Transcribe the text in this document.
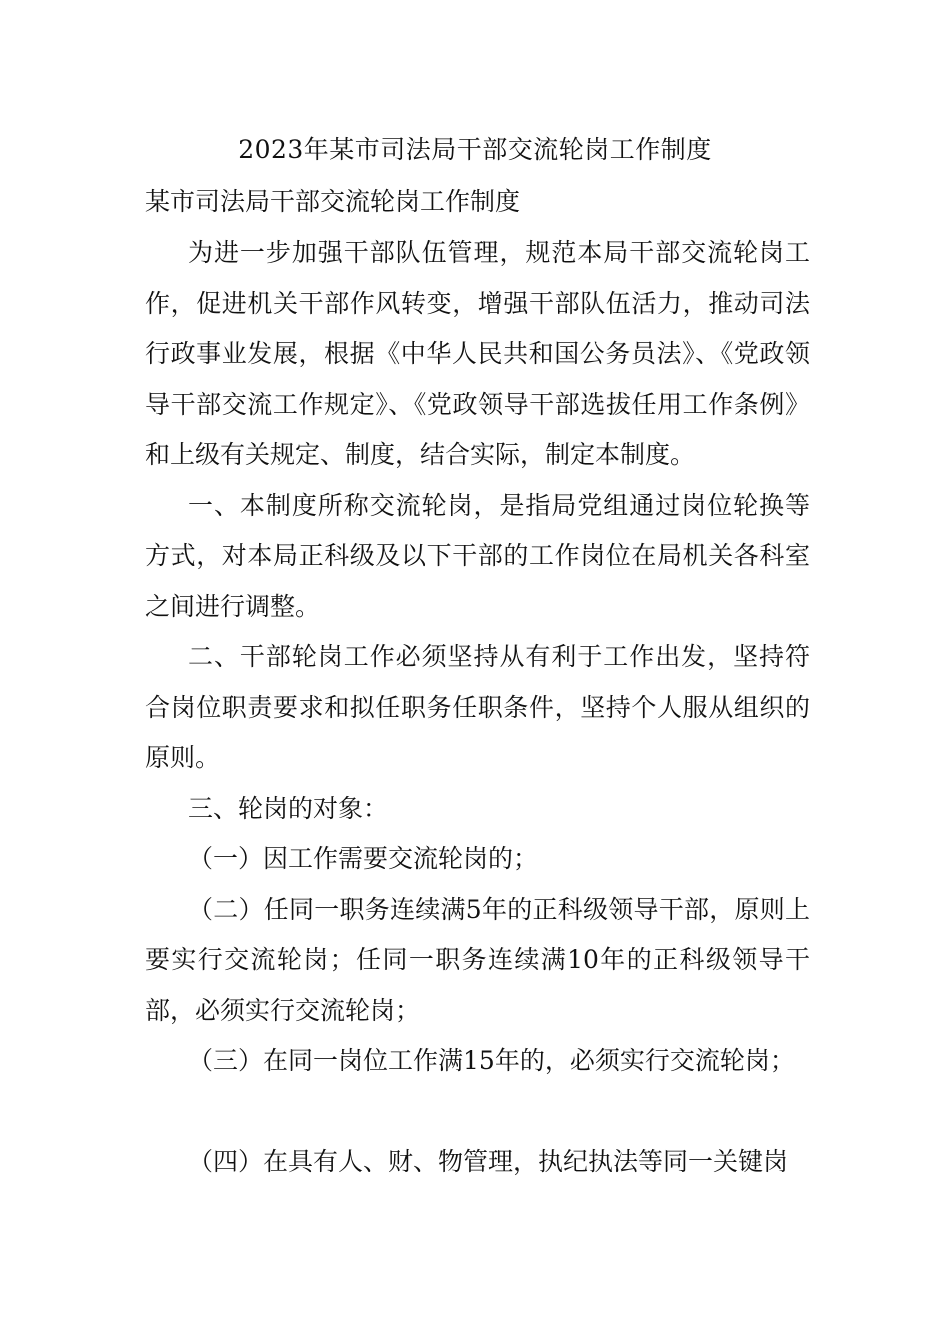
2023年某市司法局干部交流轮岗工作制度
某市司法局干部交流轮岗工作制度

为进一步加强干部队伍管理，规范本局干部交流轮岗工作，促进机关干部作风转变，增强干部队伍活力，推动司法行政事业发展，根据《中华人民共和国公务员法》、《党政领导干部交流工作规定》、《党政领导干部选拔任用工作条例》和上级有关规定、制度，结合实际，制定本制度。

一、本制度所称交流轮岗，是指局党组通过岗位轮换等方式，对本局正科级及以下干部的工作岗位在局机关各科室之间进行调整。

二、干部轮岗工作必须坚持从有利于工作出发，坚持符合岗位职责要求和拟任职务任职条件，坚持个人服从组织的原则。

三、轮岗的对象：

（一）因工作需要交流轮岗的；

（二）任同一职务连续满5年的正科级领导干部，原则上要实行交流轮岗；任同一职务连续满10年的正科级领导干部，必须实行交流轮岗；

（三）在同一岗位工作满15年的，必须实行交流轮岗；

（四）在具有人、财、物管理，执纪执法等同一关键岗
